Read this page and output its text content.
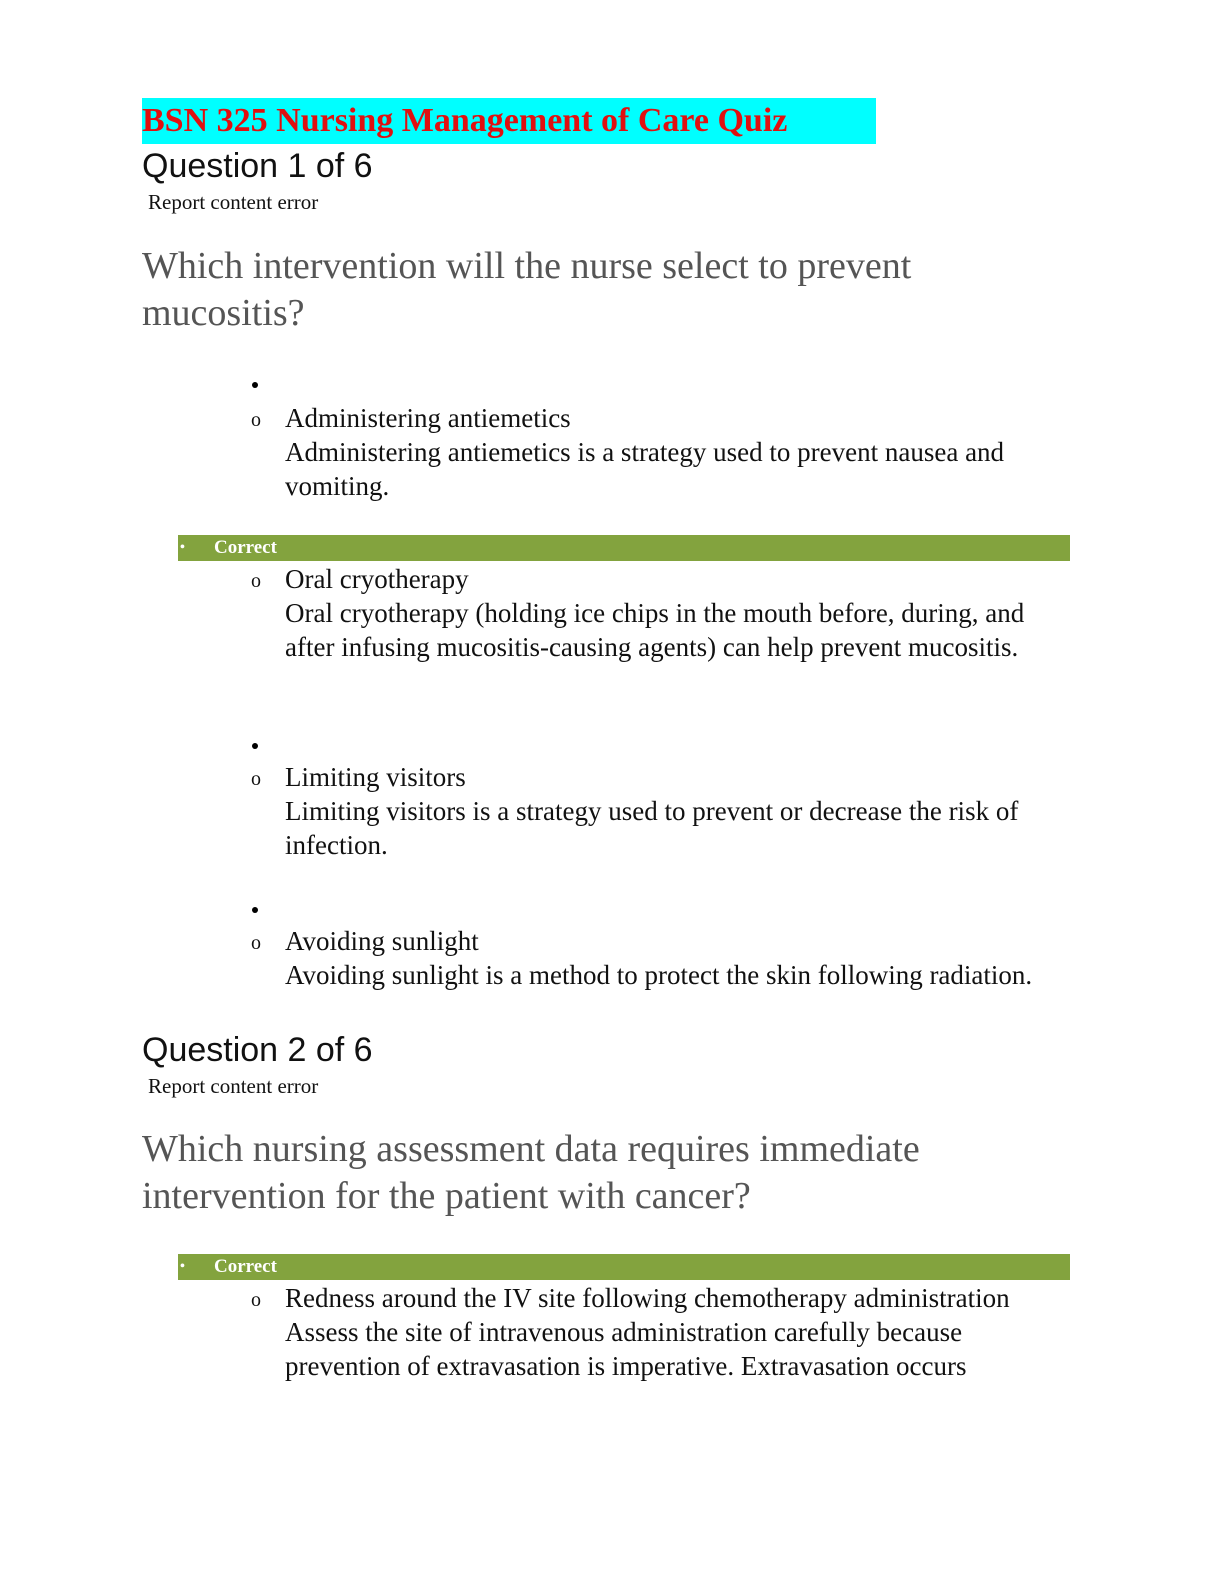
BSN 325 Nursing Management of Care Quiz
Question 1 of 6
Report content error
Which intervention will the nurse select to prevent mucositis?
o Administering antiemetics
Administering antiemetics is a strategy used to prevent nausea and vomiting.
• Correct
o Oral cryotherapy
Oral cryotherapy (holding ice chips in the mouth before, during, and after infusing mucositis-causing agents) can help prevent mucositis.
o Limiting visitors
Limiting visitors is a strategy used to prevent or decrease the risk of infection.
o Avoiding sunlight
Avoiding sunlight is a method to protect the skin following radiation.
Question 2 of 6
Report content error
Which nursing assessment data requires immediate intervention for the patient with cancer?
• Correct
o Redness around the IV site following chemotherapy administration
Assess the site of intravenous administration carefully because prevention of extravasation is imperative. Extravasation occurs
